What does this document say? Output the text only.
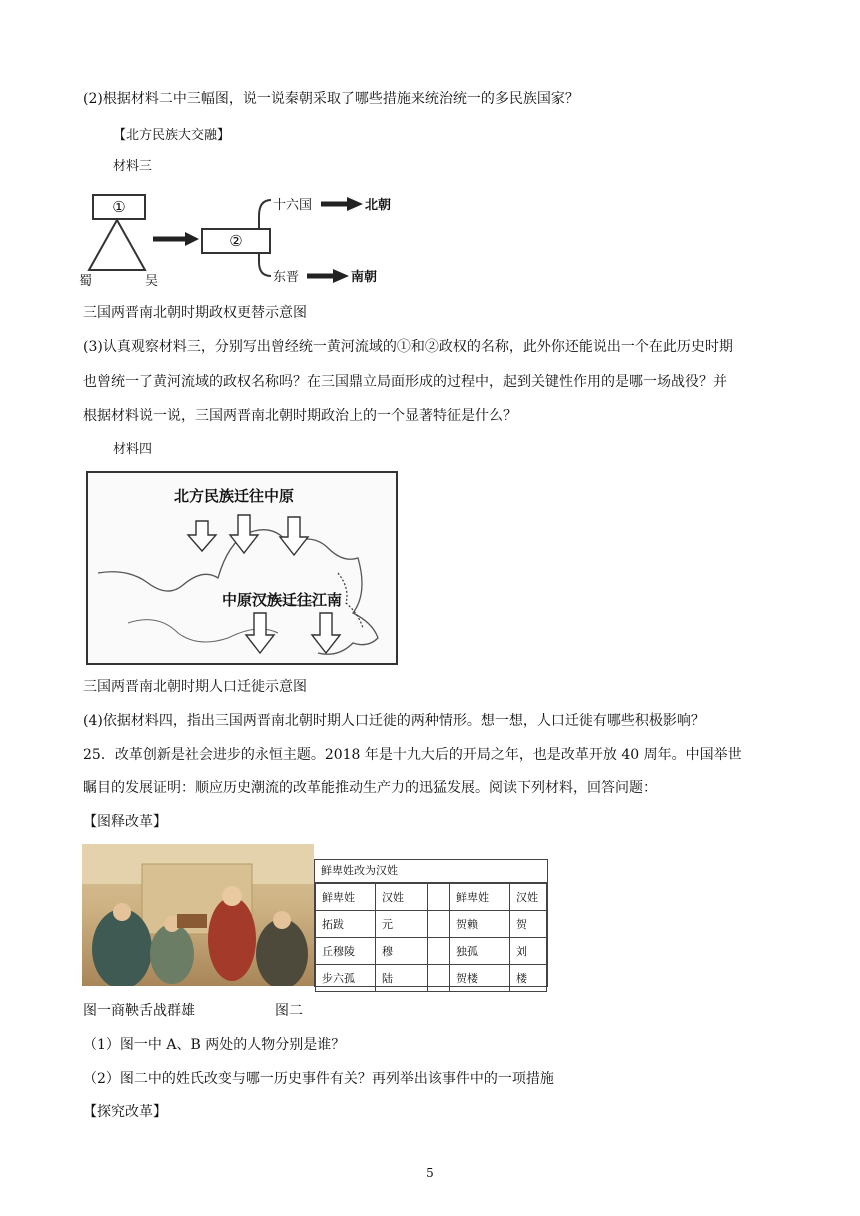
(2)根据材料二中三幅图，说一说秦朝采取了哪些措施来统治统一的多民族国家？
【北方民族大交融】
材料三
①
②
蜀	吴
十六国	北朝
东晋	南朝
三国两晋南北朝时期政权更替示意图
(3)认真观察材料三，分别写出曾经统一黄河流域的①和②政权的名称，此外你还能说出一个在此历史时期
也曾统一了黄河流域的政权名称吗？在三国鼎立局面形成的过程中，起到关键性作用的是哪一场战役？并
根据材料说一说，三国两晋南北朝时期政治上的一个显著特征是什么？
材料四
北方民族迁往中原
中原汉族迁往江南
三国两晋南北朝时期人口迁徙示意图
(4)依据材料四，指出三国两晋南北朝时期人口迁徙的两种情形。想一想，人口迁徙有哪些积极影响？
25．改革创新是社会进步的永恒主题。2018 年是十九大后的开局之年，也是改革开放 40 周年。中国举世
瞩目的发展证明：顺应历史潮流的改革能推动生产力的迅猛发展。阅读下列材料，回答问题：
【图释改革】
鲜卑姓改为汉姓
鲜卑姓	汉姓		鲜卑姓	汉姓
拓跋	元		贺赖	贺
丘穆陵	穆		独孤	刘
步六孤	陆		贺楼	楼
图一商鞅舌战群雄	图二
（1）图一中 A、B 两处的人物分别是谁？
（2）图二中的姓氏改变与哪一历史事件有关？再列举出该事件中的一项措施
【探究改革】
5
